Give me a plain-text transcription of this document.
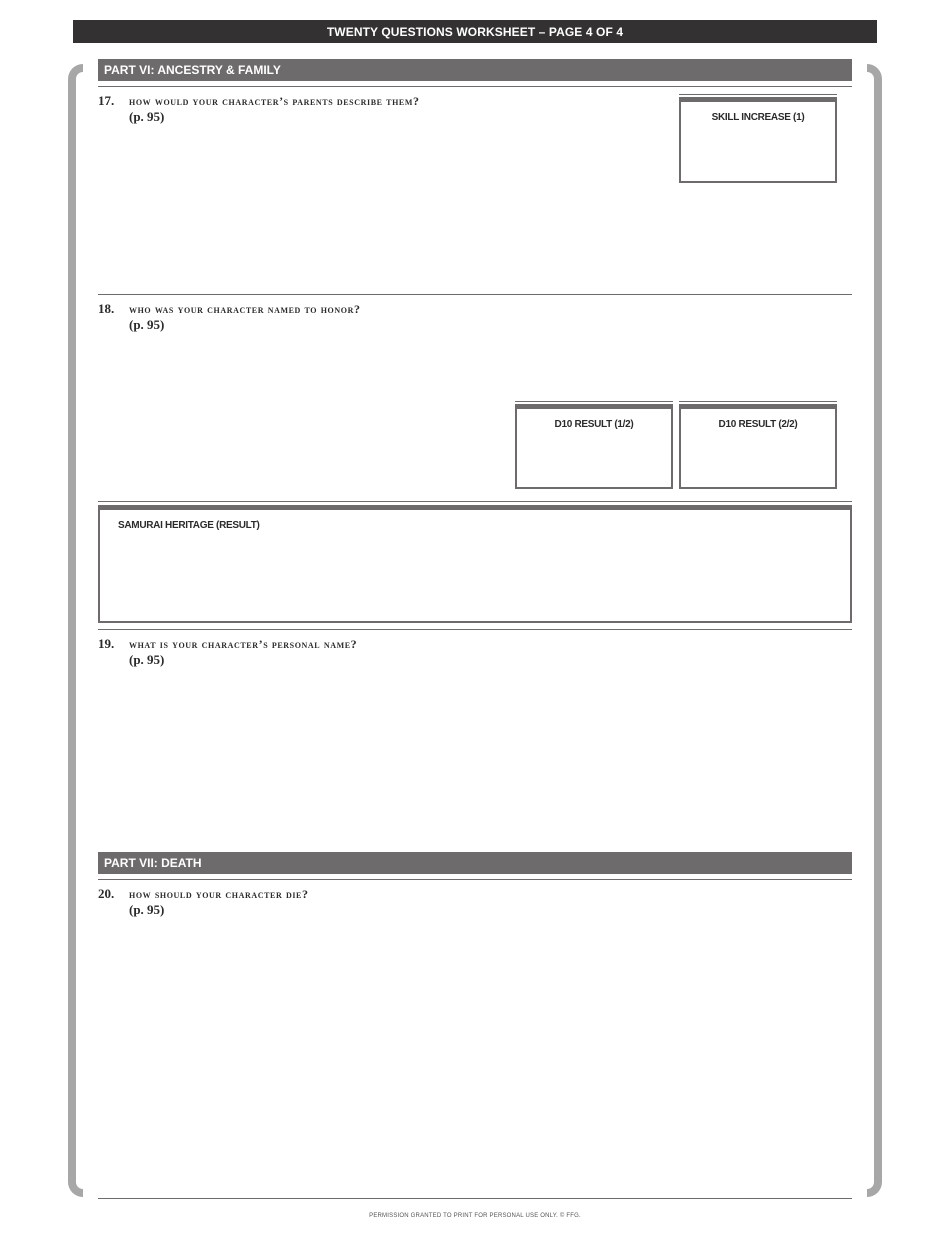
TWENTY QUESTIONS WORKSHEET – PAGE 4 OF 4
PART VI: ANCESTRY & FAMILY
17. how would your character’s parents describe them?
(p. 95)	SKILL INCREASE (1)
18. who was your character named to honor?
(p. 95)
D10 RESULT (1/2)	D10 RESULT (2/2)
SAMURAI HERITAGE (RESULT)
19. what is your character’s personal name?
(p. 95)
PART VII: DEATH
20. how should your character die?
(p. 95)
PERMISSION GRANTED TO PRINT FOR PERSONAL USE ONLY. © FFG.
